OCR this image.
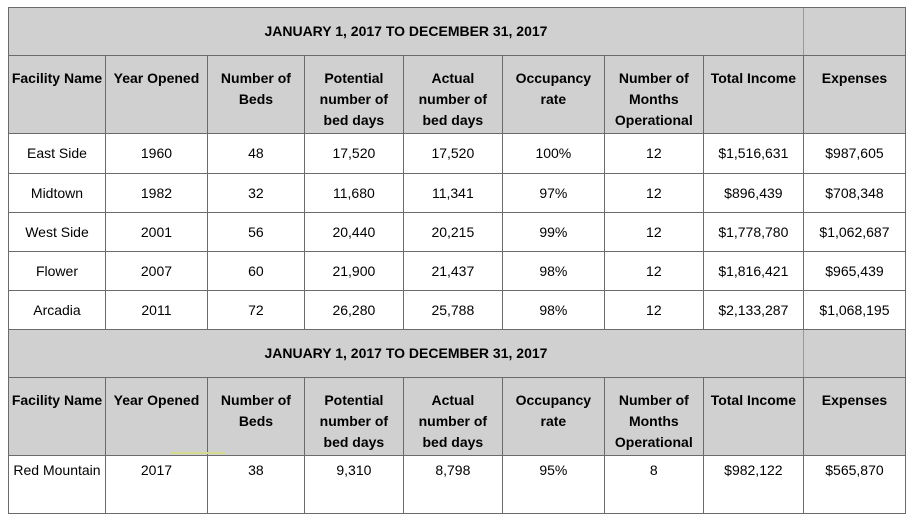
JANUARY 1, 2017 TO DECEMBER 31, 2017								
Facility Name	Year Opened	Number of Beds	Potential number of bed days	Actual number of bed days	Occupancy rate	Number of Months Operational	Total Income	Expenses
East Side	1960	48	17,520	17,520	100%	12	$1,516,631	$987,605
Midtown	1982	32	11,680	11,341	97%	12	$896,439	$708,348
West Side	2001	56	20,440	20,215	99%	12	$1,778,780	$1,062,687
Flower	2007	60	21,900	21,437	98%	12	$1,816,421	$965,439
Arcadia	2011	72	26,280	25,788	98%	12	$2,133,287	$1,068,195
JANUARY 1, 2017 TO DECEMBER 31, 2017								
Facility Name	Year Opened	Number of Beds	Potential number of bed days	Actual number of bed days	Occupancy rate	Number of Months Operational	Total Income	Expenses
Red Mountain	2017	38	9,310	8,798	95%	8	$982,122	$565,870
